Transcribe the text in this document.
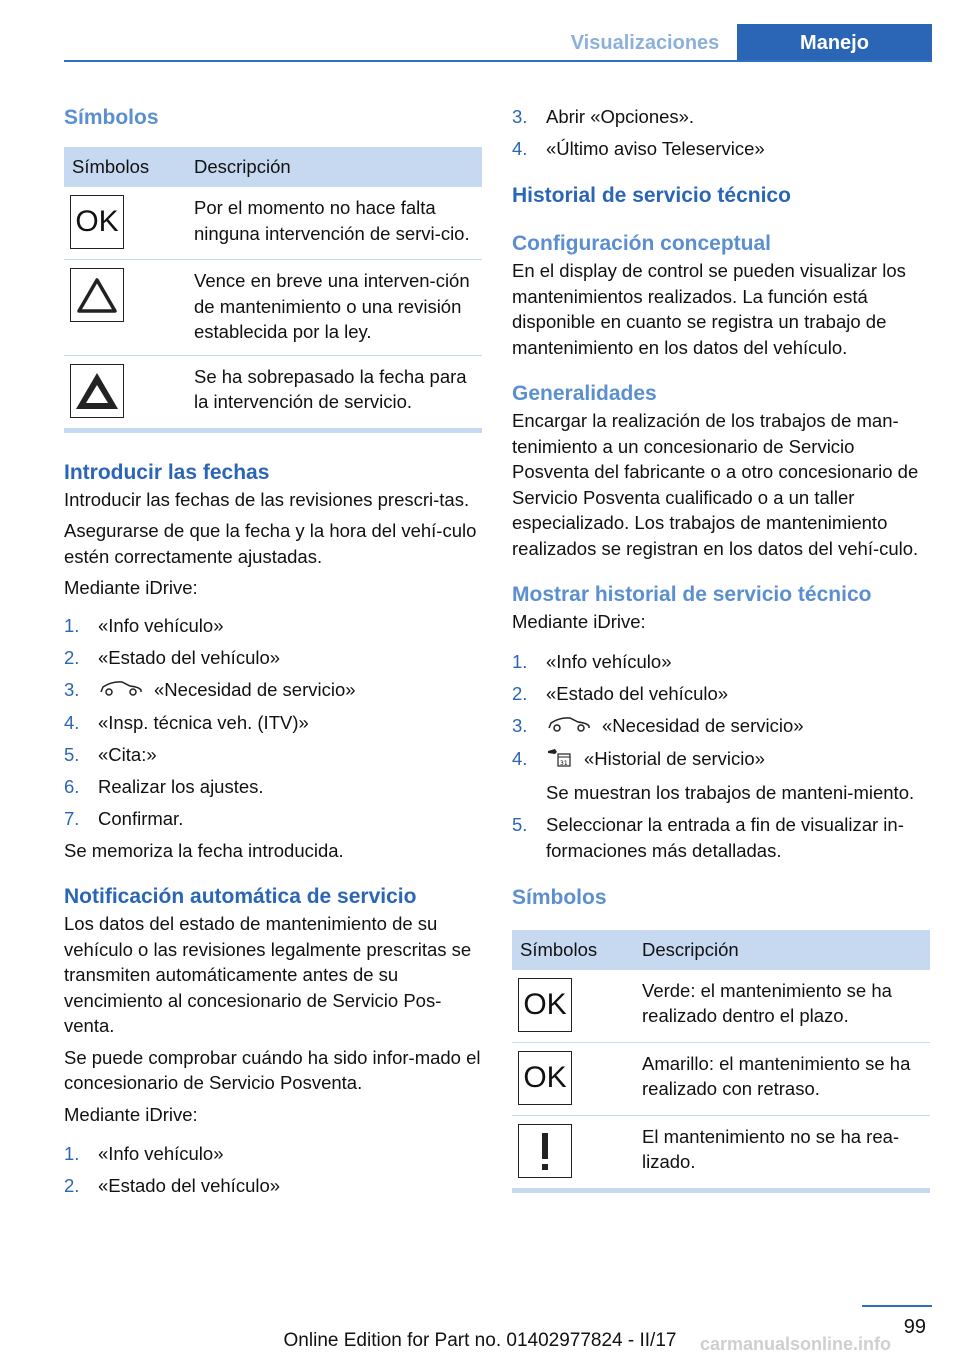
Visualizaciones	Manejo
Símbolos
Símbolos	Descripción

OK	Por el momento no hace falta ninguna intervención de servi-cio.

	Vence en breve una interven-ción de mantenimiento o una revisión establecida por la ley.

	Se ha sobrepasado la fecha para la intervención de servicio.
Introducir las fechas

Introducir las fechas de las revisiones prescri-tas.

Asegurarse de que la fecha y la hora del vehí-culo estén correctamente ajustadas.

Mediante iDrive:

1. «Info vehículo»
2. «Estado del vehículo»
3.	«Necesidad de servicio»
4. «Insp. técnica veh. (ITV)»
5. «Cita:»
6. Realizar los ajustes.
7. Confirmar.

Se memoriza la fecha introducida.

Notificación automática de servicio

Los datos del estado de mantenimiento de su vehículo o las revisiones legalmente prescritas se transmiten automáticamente antes de su vencimiento al concesionario de Servicio Pos-venta.

Se puede comprobar cuándo ha sido infor-mado el concesionario de Servicio Posventa.

Mediante iDrive:

1. «Info vehículo»
2. «Estado del vehículo»
3. Abrir «Opciones».
4. «Último aviso Teleservice»
Historial de servicio técnico
Configuración conceptual

En el display de control se pueden visualizar los mantenimientos realizados. La función está disponible en cuanto se registra un trabajo de mantenimiento en los datos del vehículo.

Generalidades

Encargar la realización de los trabajos de man-tenimiento a un concesionario de Servicio Posventa del fabricante o a otro concesionario de Servicio Posventa cualificado o a un taller especializado. Los trabajos de mantenimiento realizados se registran en los datos del vehí-culo.

Mostrar historial de servicio técnico

Mediante iDrive:

1. «Info vehículo»
2. «Estado del vehículo»
3.	«Necesidad de servicio»
4.	31 «Historial de servicio»
Se muestran los trabajos de manteni-miento.
5. Seleccionar la entrada a fin de visualizar in-formaciones más detalladas.
Símbolos
Símbolos	Descripción

OK	Verde: el mantenimiento se ha realizado dentro el plazo.

OK	Amarillo: el mantenimiento se ha realizado con retraso.

	El mantenimiento no se ha rea-lizado.
99
Online Edition for Part no. 01402977824 - II/17	carmanualsonline.info
